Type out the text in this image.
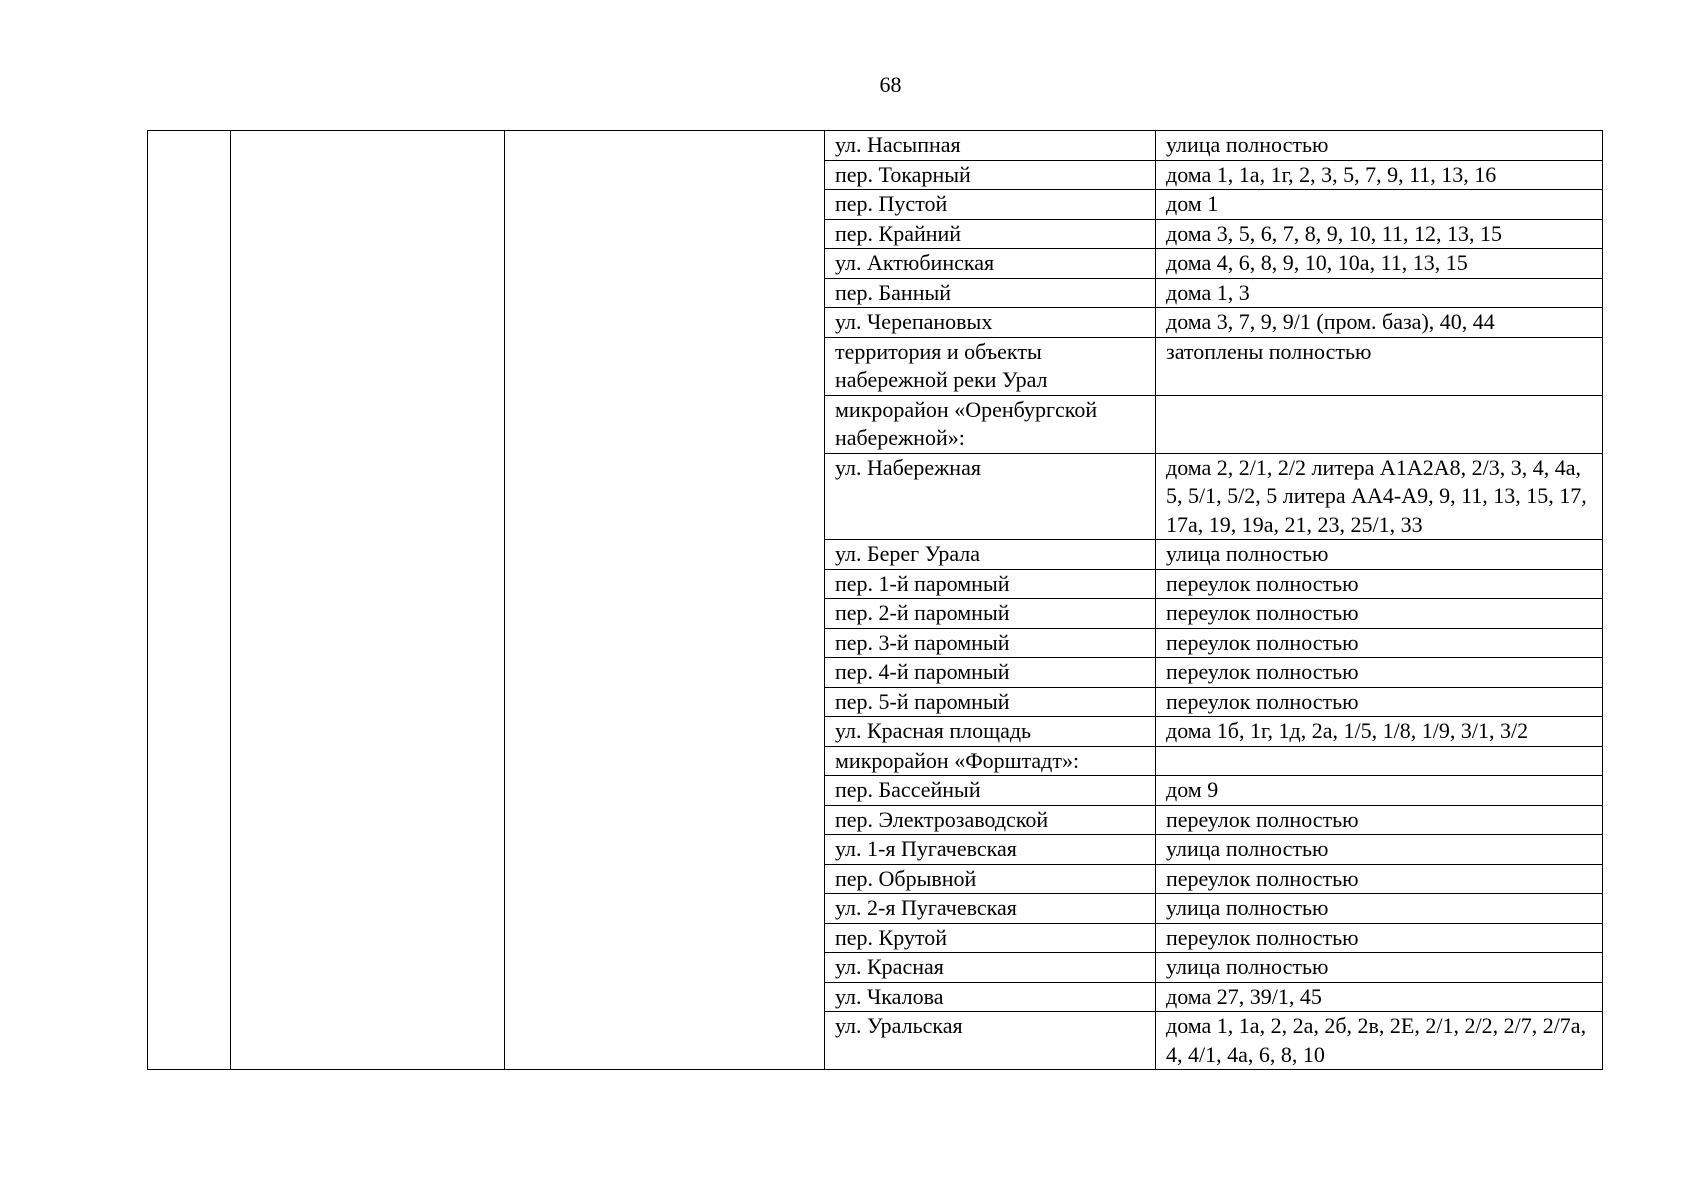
68
			ул. Насыпная	улица полностью
			пер. Токарный	дома 1, 1а, 1г, 2, 3, 5, 7, 9, 11, 13, 16
			пер. Пустой	дом 1
			пер. Крайний	дома 3, 5, 6, 7, 8, 9, 10, 11, 12, 13, 15
			ул. Актюбинская	дома 4, 6, 8, 9, 10, 10а, 11, 13, 15
			пер. Банный	дома 1, 3
			ул. Черепановых	дома 3, 7, 9, 9/1 (пром. база), 40, 44
			территория и объекты набережной реки Урал	затоплены полностью
			микрорайон «Оренбургской набережной»:	
			ул. Набережная	дома 2, 2/1, 2/2 литера А1А2А8, 2/3, 3, 4, 4а, 5, 5/1, 5/2, 5 литера АА4-А9, 9, 11, 13, 15, 17, 17а, 19, 19а, 21, 23, 25/1, 33
			ул. Берег Урала	улица полностью
			пер. 1-й паромный	переулок полностью
			пер. 2-й паромный	переулок полностью
			пер. 3-й паромный	переулок полностью
			пер. 4-й паромный	переулок полностью
			пер. 5-й паромный	переулок полностью
			ул. Красная площадь	дома 1б, 1г, 1д, 2а, 1/5, 1/8, 1/9, 3/1, 3/2
			микрорайон «Форштадт»:	
			пер. Бассейный	дом 9
			пер. Электрозаводской	переулок полностью
			ул. 1-я Пугачевская	улица полностью
			пер. Обрывной	переулок полностью
			ул. 2-я Пугачевская	улица полностью
			пер. Крутой	переулок полностью
			ул. Красная	улица полностью
			ул. Чкалова	дома 27, 39/1, 45
			ул. Уральская	дома 1, 1а, 2, 2а, 2б, 2в, 2Е, 2/1, 2/2, 2/7, 2/7а, 4, 4/1, 4а, 6, 8, 10
